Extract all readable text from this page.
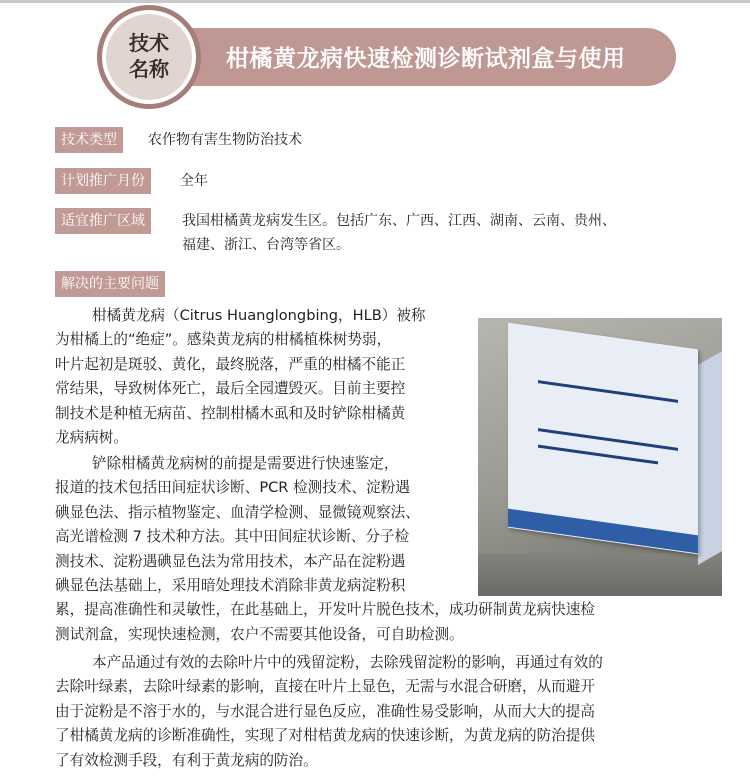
柑橘黄龙病快速检测诊断试剂盒与使用
技术
名称
技术类型	农作物有害生物防治技术
计划推广月份	全年
适宜推广区域	我国柑橘黄龙病发生区。包括广东、广西、江西、湖南、云南、贵州、
福建、浙江、台湾等省区。
解决的主要问题
柑橘黄龙病（Citrus Huanglongbing，HLB）被称
为柑橘上的“绝症”。感染黄龙病的柑橘植株树势弱，
叶片起初是斑驳、黄化，最终脱落，严重的柑橘不能正
常结果，导致树体死亡，最后全园遭毁灭。目前主要控
制技术是种植无病苗、控制柑橘木虱和及时铲除柑橘黄
龙病病树。
铲除柑橘黄龙病树的前提是需要进行快速鉴定，
报道的技术包括田间症状诊断、PCR 检测技术、淀粉遇
碘显色法、指示植物鉴定、血清学检测、显微镜观察法、
高光谱检测 7 技术种方法。其中田间症状诊断、分子检
测技术、淀粉遇碘显色法为常用技术，本产品在淀粉遇
碘显色法基础上，采用暗处理技术消除非黄龙病淀粉积
累，提高准确性和灵敏性，在此基础上，开发叶片脱色技术，成功研制黄龙病快速检
测试剂盒，实现快速检测，农户不需要其他设备，可自助检测。
本产品通过有效的去除叶片中的残留淀粉，去除残留淀粉的影响，再通过有效的
去除叶绿素，去除叶绿素的影响，直接在叶片上显色，无需与水混合研磨，从而避开
由于淀粉是不溶于水的，与水混合进行显色反应，准确性易受影响，从而大大的提高
了柑橘黄龙病的诊断准确性，实现了对柑桔黄龙病的快速诊断，为黄龙病的防治提供
了有效检测手段，有利于黄龙病的防治。
